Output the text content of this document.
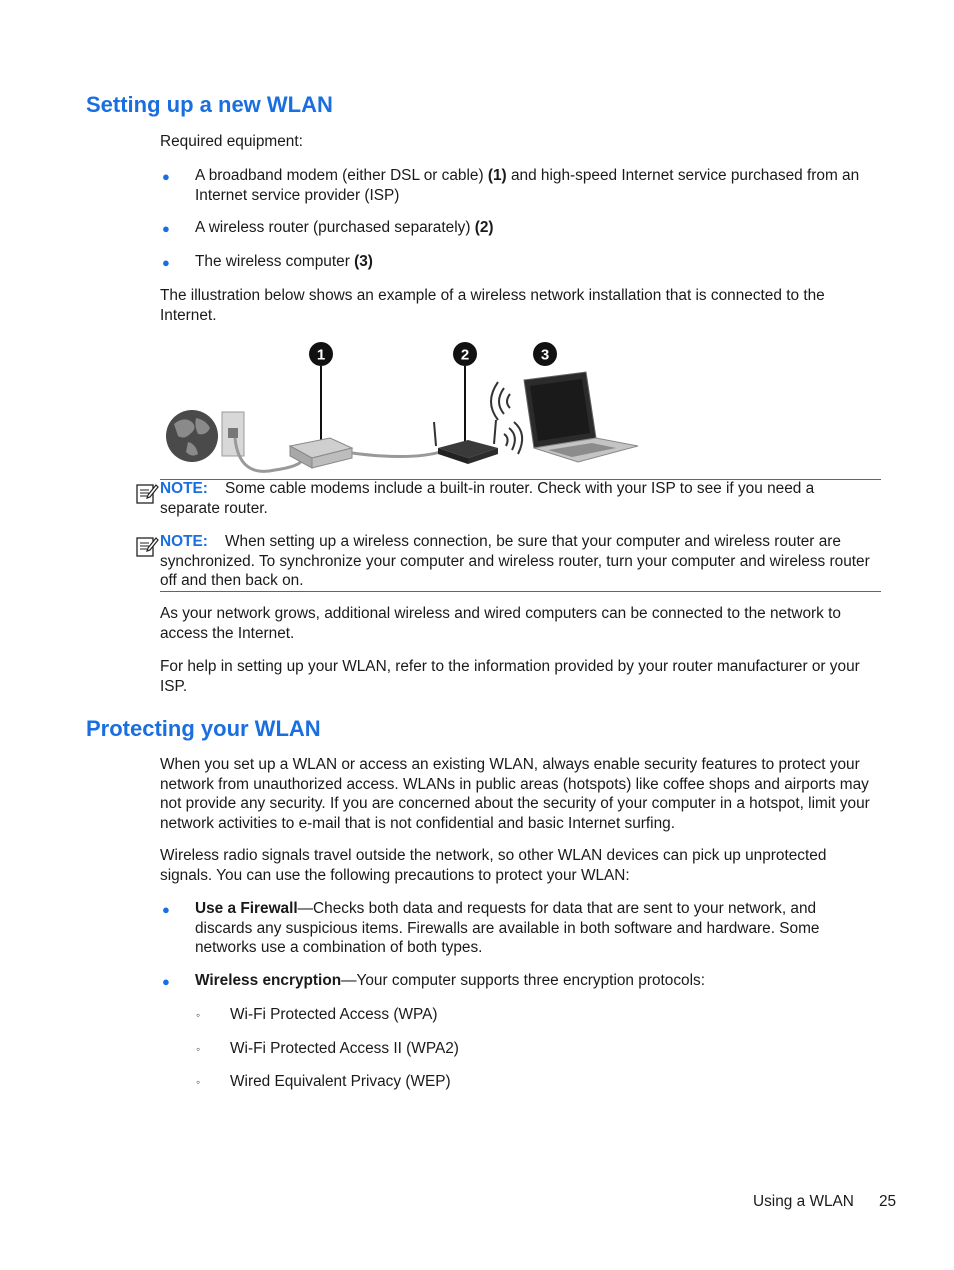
Setting up a new WLAN

Required equipment:

● A broadband modem (either DSL or cable) (1) and high-speed Internet service purchased from an Internet service provider (ISP)

● A wireless router (purchased separately) (2)

● The wireless computer (3)

The illustration below shows an example of a wireless network installation that is connected to the Internet.

1	2	3

NOTE: Some cable modems include a built-in router. Check with your ISP to see if you need a separate router.

NOTE: When setting up a wireless connection, be sure that your computer and wireless router are synchronized. To synchronize your computer and wireless router, turn your computer and wireless router off and then back on.

As your network grows, additional wireless and wired computers can be connected to the network to access the Internet.

For help in setting up your WLAN, refer to the information provided by your router manufacturer or your ISP.

Protecting your WLAN

When you set up a WLAN or access an existing WLAN, always enable security features to protect your network from unauthorized access. WLANs in public areas (hotspots) like coffee shops and airports may not provide any security. If you are concerned about the security of your computer in a hotspot, limit your network activities to e-mail that is not confidential and basic Internet surfing.

Wireless radio signals travel outside the network, so other WLAN devices can pick up unprotected signals. You can use the following precautions to protect your WLAN:

● Use a Firewall—Checks both data and requests for data that are sent to your network, and discards any suspicious items. Firewalls are available in both software and hardware. Some networks use a combination of both types.

● Wireless encryption—Your computer supports three encryption protocols:

◦ Wi-Fi Protected Access (WPA)

◦ Wi-Fi Protected Access II (WPA2)

◦ Wired Equivalent Privacy (WEP)

Using a WLAN 25
